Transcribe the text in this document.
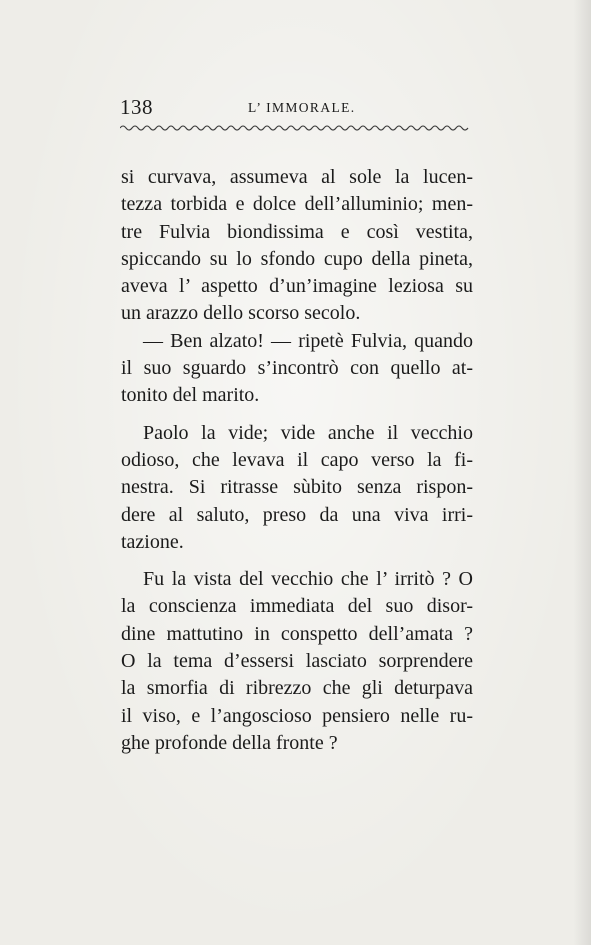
138	L’ IMMORALE.
si curvava, assumeva al sole la lucen-
tezza torbida e dolce dell’alluminio; men-
tre Fulvia biondissima e così vestita,
spiccando su lo sfondo cupo della pineta,
aveva l’ aspetto d’un’imagine leziosa su
un arazzo dello scorso secolo.
— Ben alzato! — ripetè Fulvia, quando
il suo sguardo s’incontrò con quello at-
tonito del marito.
Paolo la vide; vide anche il vecchio
odioso, che levava il capo verso la fi-
nestra. Si ritrasse sùbito senza rispon-
dere al saluto, preso da una viva irri-
tazione.
Fu la vista del vecchio che l’ irritò ? O
la conscienza immediata del suo disor-
dine mattutino in conspetto dell’amata ?
O la tema d’essersi lasciato sorprendere
la smorfia di ribrezzo che gli deturpava
il viso, e l’angoscioso pensiero nelle ru-
ghe profonde della fronte ?
